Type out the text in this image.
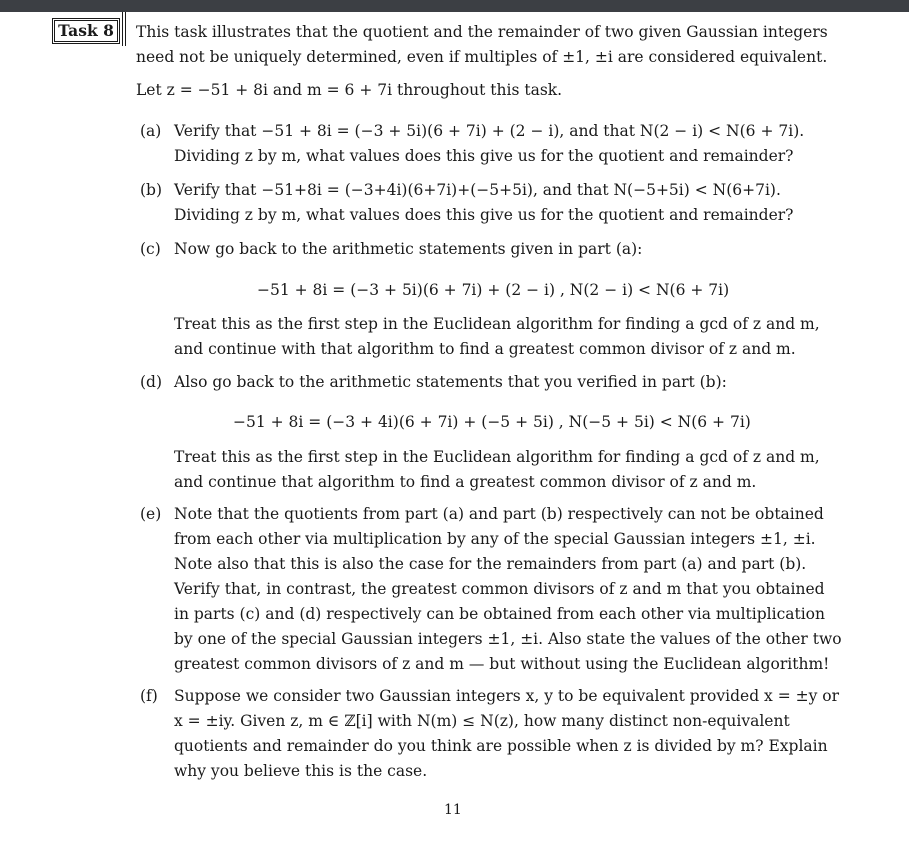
Task 8	This task illustrates that the quotient and the remainder of two given Gaussian integers
need not be uniquely determined, even if multiples of ±1, ±i are considered equivalent.
Let z = −51 + 8i and m = 6 + 7i throughout this task.
(a) Verify that −51 + 8i = (−3 + 5i)(6 + 7i) + (2 − i), and that N(2 − i) < N(6 + 7i).
Dividing z by m, what values does this give us for the quotient and remainder?
(b) Verify that −51+8i = (−3+4i)(6+7i)+(−5+5i), and that N(−5+5i) < N(6+7i).
Dividing z by m, what values does this give us for the quotient and remainder?
(c) Now go back to the arithmetic statements given in part (a):
−51 + 8i = (−3 + 5i)(6 + 7i) + (2 − i) , N(2 − i) < N(6 + 7i)
Treat this as the first step in the Euclidean algorithm for finding a gcd of z and m,
and continue with that algorithm to find a greatest common divisor of z and m.
(d) Also go back to the arithmetic statements that you verified in part (b):
−51 + 8i = (−3 + 4i)(6 + 7i) + (−5 + 5i) , N(−5 + 5i) < N(6 + 7i)
Treat this as the first step in the Euclidean algorithm for finding a gcd of z and m,
and continue that algorithm to find a greatest common divisor of z and m.
(e) Note that the quotients from part (a) and part (b) respectively can not be obtained
from each other via multiplication by any of the special Gaussian integers ±1, ±i.
Note also that this is also the case for the remainders from part (a) and part (b).
Verify that, in contrast, the greatest common divisors of z and m that you obtained
in parts (c) and (d) respectively can be obtained from each other via multiplication
by one of the special Gaussian integers ±1, ±i. Also state the values of the other two
greatest common divisors of z and m — but without using the Euclidean algorithm!
(f)	Suppose we consider two Gaussian integers x, y to be equivalent provided x = ±y or
x = ±iy. Given z, m ∈ ℤ[i] with N(m) ≤ N(z), how many distinct non-equivalent
quotients and remainder do you think are possible when z is divided by m? Explain
why you believe this is the case.
11
